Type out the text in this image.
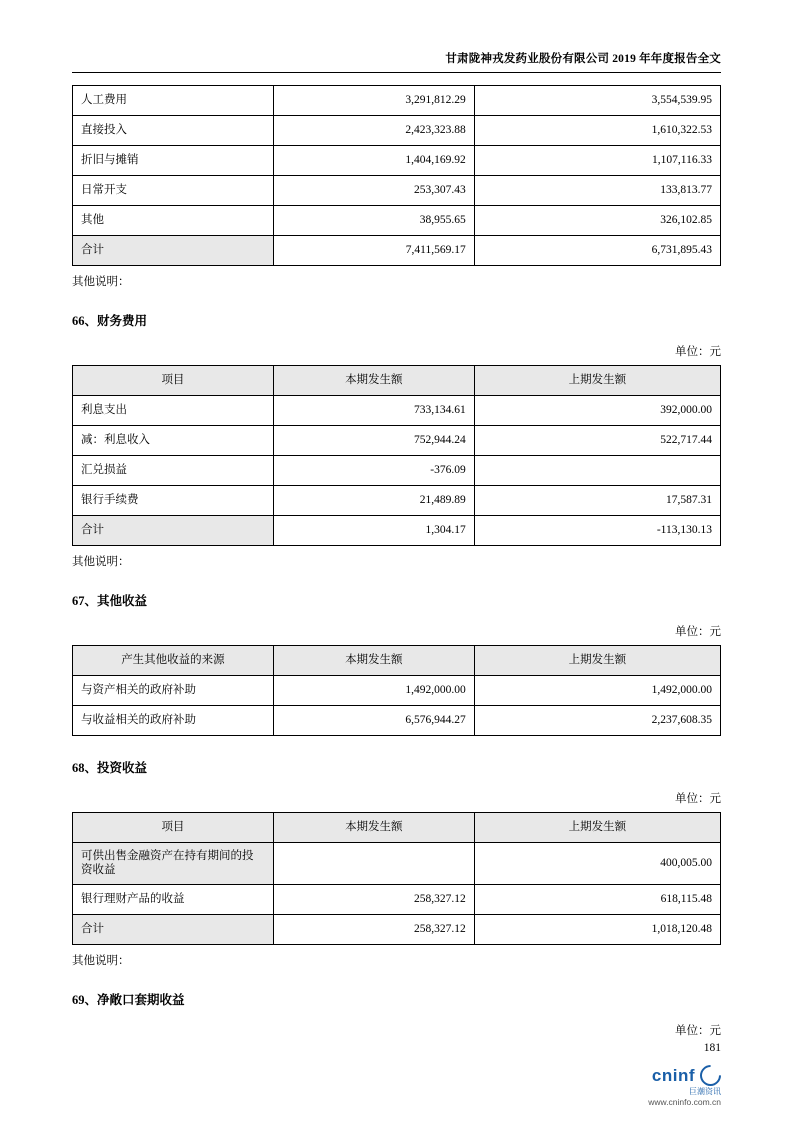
甘肃陇神戎发药业股份有限公司 2019 年年度报告全文
人工费用	3,291,812.29	3,554,539.95
直接投入	2,423,323.88	1,610,322.53
折旧与摊销	1,404,169.92	1,107,116.33
日常开支	253,307.43	133,813.77
其他	38,955.65	326,102.85
合计	7,411,569.17	6,731,895.43

其他说明：

66、财务费用

单位：元

项目	本期发生额	上期发生额
利息支出	733,134.61	392,000.00
减：利息收入	752,944.24	522,717.44
汇兑损益	-376.09	
银行手续费	21,489.89	17,587.31
合计	1,304.17	-113,130.13

其他说明：

67、其他收益

单位：元

产生其他收益的来源	本期发生额	上期发生额
与资产相关的政府补助	1,492,000.00	1,492,000.00
与收益相关的政府补助	6,576,944.27	2,237,608.35
68、投资收益

单位：元

项目	本期发生额	上期发生额
可供出售金融资产在持有期间的投资收益		400,005.00
银行理财产品的收益	258,327.12	618,115.48
合计	258,327.12	1,018,120.48

其他说明：

69、净敞口套期收益

单位：元

181
cninf
巨潮资讯
www.cninfo.com.cn
